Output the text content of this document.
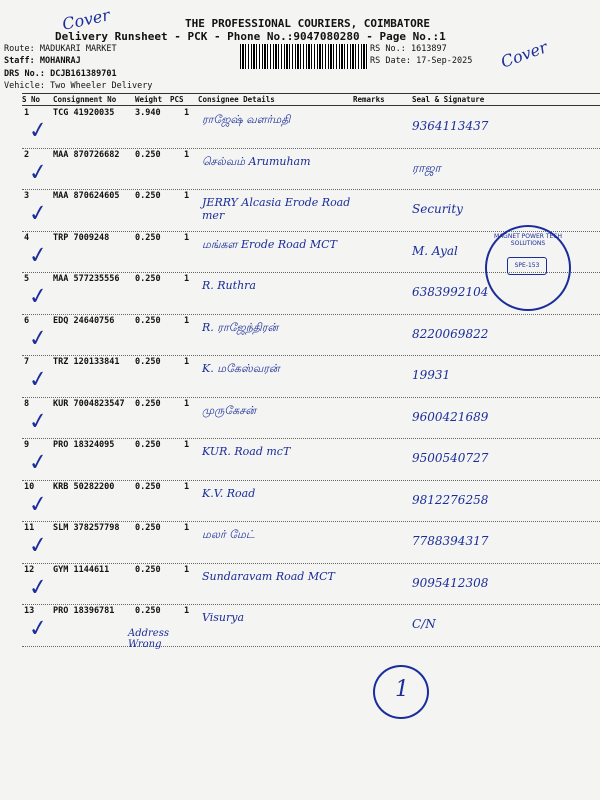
THE PROFESSIONAL COURIERS, COIMBATORE
Delivery Runsheet - PCK - Phone No.:9047080280 - Page No.:1
Route: MADUKARI MARKET
Staff: MOHANRAJ
DRS No.: DCJB161389701
Vehicle: Two Wheeler Delivery
RS No.: 1613897
RS Date: 17-Sep-2025
Cover
Cover
S No Consignment No	Weight PCS Consignee Details	Remarks	Seal & Signature
1	TCG 41920035 3.940	1 ராஜேஷ் வளர்மதி	9364113437
✓
2	MAA 870726682 0.250	1 செல்வம் Arumuham	ராஜா
✓
3	MAA 870624605 0.250	1 JERRY Alcasia Erode Road mer	Security
✓
4	TRP 7009248	0.250	1 மங்கள Erode Road MCT	M. Ayal
✓
5	MAA 577235556 0.250	1 R. Ruthra	6383992104
✓
6	EDQ 24640756 0.250	1 R. ராஜேந்திரன்	8220069822
✓
7	TRZ 120133841 0.250	1 K. மகேஸ்வரன்	19931
✓
8	KUR 7004823547 0.250	1 முருகேசன்	9600421689
✓
9	PRO 18324095 0.250	1 KUR. Road mcT	9500540727
✓
10 KRB 50282200 0.250	1 K.V. Road	9812276258
✓
11 SLM 378257798 0.250	1 மலர் மேட்	7788394317
✓
12 GYM 1144611	0.250	1 Sundaravam Road MCT	9095412308
✓
13 PRO 18396781 0.250	1 Visurya	C/N
✓
MAGNET POWER TECH SOLUTIONS
SPE-153
Address Wrong
1
